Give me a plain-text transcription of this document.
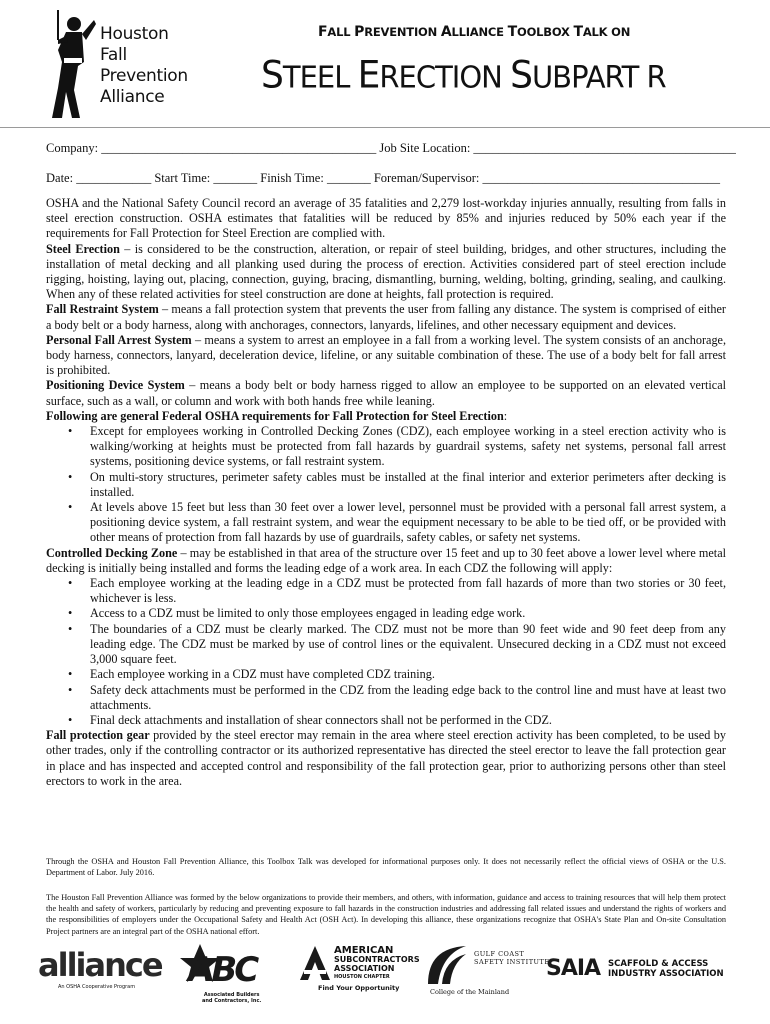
Houston
Fall
Prevention
Alliance
FALL PREVENTION ALLIANCE TOOLBOX TALK ON
STEEL ERECTION SUBPART R
Company: ____________________________________________ Job Site Location: __________________________________________
Date: ____________ Start Time: _______ Finish Time: _______ Foreman/Supervisor: ______________________________________

OSHA and the National Safety Council record an average of 35 fatalities and 2,279 lost-workday injuries annually, resulting from falls in steel erection construction. OSHA estimates that fatalities will be reduced by 85% and injuries reduced by 50% each year if the requirements for Fall Protection for Steel Erection are complied with.

Steel Erection – is considered to be the construction, alteration, or repair of steel building, bridges, and other structures, including the installation of metal decking and all planking used during the process of erection. Activities considered part of steel erection include rigging, hoisting, laying out, placing, connection, guying, bracing, dismantling, burning, welding, bolting, grinding, sealing, and caulking. When any of these related activities for steel construction are done at heights, fall protection is required.

Fall Restraint System – means a fall protection system that prevents the user from falling any distance. The system is comprised of either a body belt or a body harness, along with anchorages, connectors, lanyards, lifelines, and other necessary equipment and devices.

Personal Fall Arrest System – means a system to arrest an employee in a fall from a working level. The system consists of an anchorage, body harness, connectors, lanyard, deceleration device, lifeline, or any suitable combination of these. The use of a body belt for fall arrest is prohibited.

Positioning Device System – means a body belt or body harness rigged to allow an employee to be supported on an elevated vertical surface, such as a wall, or column and work with both hands free while leaning.

Following are general Federal OSHA requirements for Fall Protection for Steel Erection:

• Except for employees working in Controlled Decking Zones (CDZ), each employee working in a steel erection activity who is walking/working at heights must be protected from fall hazards by guardrail systems, safety net systems, personal fall arrest systems, positioning device systems, or fall restraint system.
• On multi-story structures, perimeter safety cables must be installed at the final interior and exterior perimeters after decking is installed.
• At levels above 15 feet but less than 30 feet over a lower level, personnel must be provided with a personal fall arrest system, a positioning device system, a fall restraint system, and wear the equipment necessary to be able to be tied off, or be provided with other means of protection from fall hazards by use of guardrails, safety cables, or safety net systems.

Controlled Decking Zone – may be established in that area of the structure over 15 feet and up to 30 feet above a lower level where metal decking is initially being installed and forms the leading edge of a work area. In each CDZ the following will apply:

• Each employee working at the leading edge in a CDZ must be protected from fall hazards of more than two stories or 30 feet, whichever is less.
• Access to a CDZ must be limited to only those employees engaged in leading edge work.
• The boundaries of a CDZ must be clearly marked. The CDZ must not be more than 90 feet wide and 90 feet deep from any leading edge. The CDZ must be marked by use of control lines or the equivalent. Unsecured decking in a CDZ must not exceed 3,000 square feet.
• Each employee working in a CDZ must have completed CDZ training.
• Safety deck attachments must be performed in the CDZ from the leading edge back to the control line and must have at least two attachments.
• Final deck attachments and installation of shear connectors shall not be performed in the CDZ.

Fall protection gear provided by the steel erector may remain in the area where steel erection activity has been completed, to be used by other trades, only if the controlling contractor or its authorized representative has directed the steel erector to leave the fall protection gear in place and has inspected and accepted control and responsibility of the fall protection gear, prior to authorizing persons other than steel erectors to work in the area.

Through the OSHA and Houston Fall Prevention Alliance, this Toolbox Talk was developed for informational purposes only. It does not necessarily reflect the official views of OSHA or the U.S. Department of Labor. July 2016.
The Houston Fall Prevention Alliance was formed by the below organizations to provide their members, and others, with information, guidance and access to training resources that will help them protect the health and safety of workers, particularly by reducing and preventing exposure to fall hazards in the construction industries and addressing fall related issues and understand the rights of workers and the responsibilities of employers under the Occupational Safety and Health Act (OSH Act). In developing this alliance, these organizations recognize that OSHA's State Plan and On-site Consultation Project partners are an integral part of the OSHA national effort.
alliance
An OSHA Cooperative Program ABC
Associated Builders
and Contractors, Inc.
AMERICAN
SUBCONTRACTORS
ASSOCIATION
HOUSTON CHAPTER
Find Your Opportunity
GULF COAST
SAFETY INSTITUTE
College of the Mainland
SAIA SCAFFOLD & ACCESS
INDUSTRY ASSOCIATION
